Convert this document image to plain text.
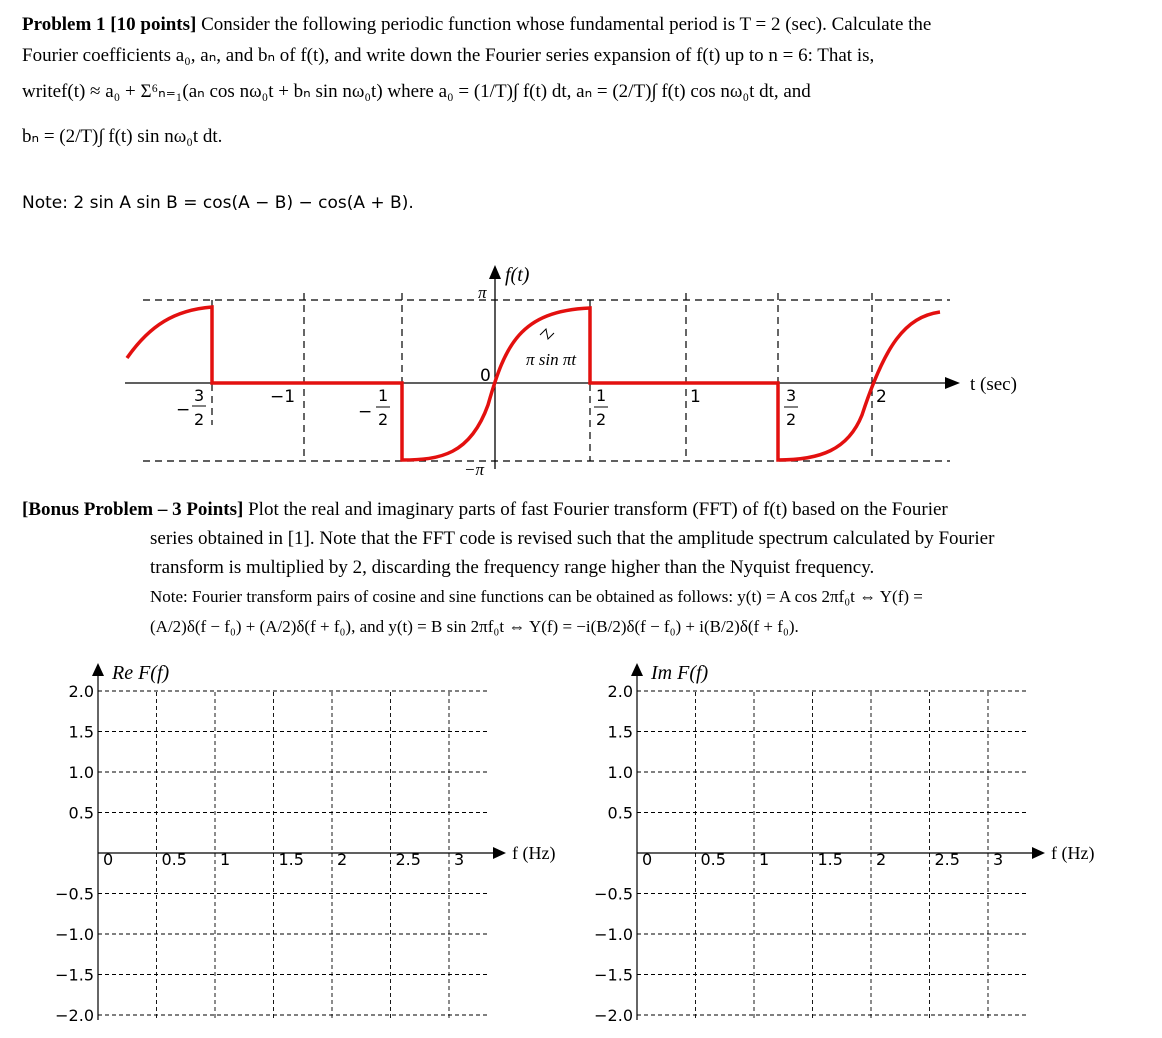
Problem 1 [10 points] Consider the following periodic function whose fundamental period is T = 2 (sec). Calculate the
Fourier coefficients a₀, aₙ, and bₙ of f(t), and write down the Fourier series expansion of f(t) up to n = 6: That is,
writef(t) ≈ a₀ + Σ⁶ₙ₌₁(aₙ cos nω₀t + bₙ sin nω₀t) where a₀ = (1/T)∫ f(t) dt, aₙ = (2/T)∫ f(t) cos nω₀t dt, and
bₙ = (2/T)∫ f(t) sin nω₀t dt.
Note: 2 sin A sin B = cos(A − B) − cos(A + B).
f(t)
π
0
−π
π sin πt
t (sec)
−
3
2
−1
−
1
2
1
2
1	3
2
2
[Bonus Problem – 3 Points] Plot the real and imaginary parts of fast Fourier transform (FFT) of f(t) based on the Fourier
series obtained in [1]. Note that the FFT code is revised such that the amplitude spectrum calculated by Fourier
transform is multiplied by 2, discarding the frequency range higher than the Nyquist frequency.
Note: Fourier transform pairs of cosine and sine functions can be obtained as follows: y(t) = A cos 2πf₀t ⇔ Y(f) =
(A/2)δ(f − f₀) + (A/2)δ(f + f₀), and y(t) = B sin 2πf₀t ⇔ Y(f) = −i(B/2)δ(f − f₀) + i(B/2)δ(f + f₀).
2.0
1.5
1.0
0.5
−0.5
−1.0
−1.5
−2.0
0	0.5 1	1.5 2	2.5 3
Re F(f)
f (Hz)
2.0
1.5
1.0
0.5
−0.5
−1.0
−1.5
−2.0
0	0.5 1	1.5 2	2.5 3
Im F(f)
f (Hz)
